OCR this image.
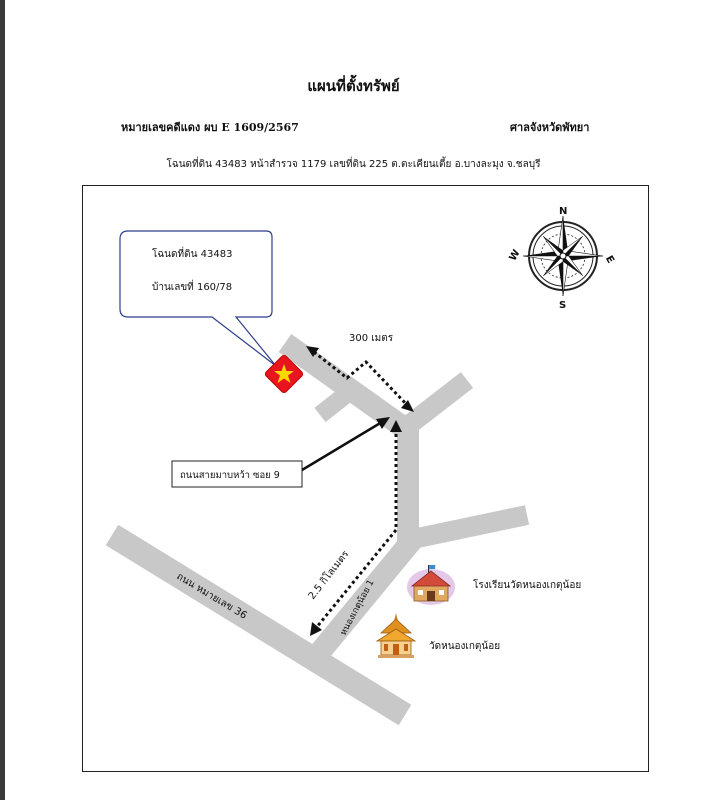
แผนที่ตั้งทรัพย์
หมายเลขคดีแดง ผบ E 1609/2567	ศาลจังหวัดพัทยา
โฉนดที่ดิน 43483 หน้าสำรวจ 1179 เลขที่ดิน 225 ต.ตะเคียนเตี้ย อ.บางละมุง จ.ชลบุรี
โฉนดที่ดิน 43483
บ้านเลขที่ 160/78
N
S
E
W
300 เมตร
ถนนสายมาบหว้า ซอย 9
2.5 กิโลเมตร
หนองเกตุน้อย 1
ถนน หมายเลข 36	โรงเรียนวัดหนองเกตุน้อย
วัดหนองเกตุน้อย
